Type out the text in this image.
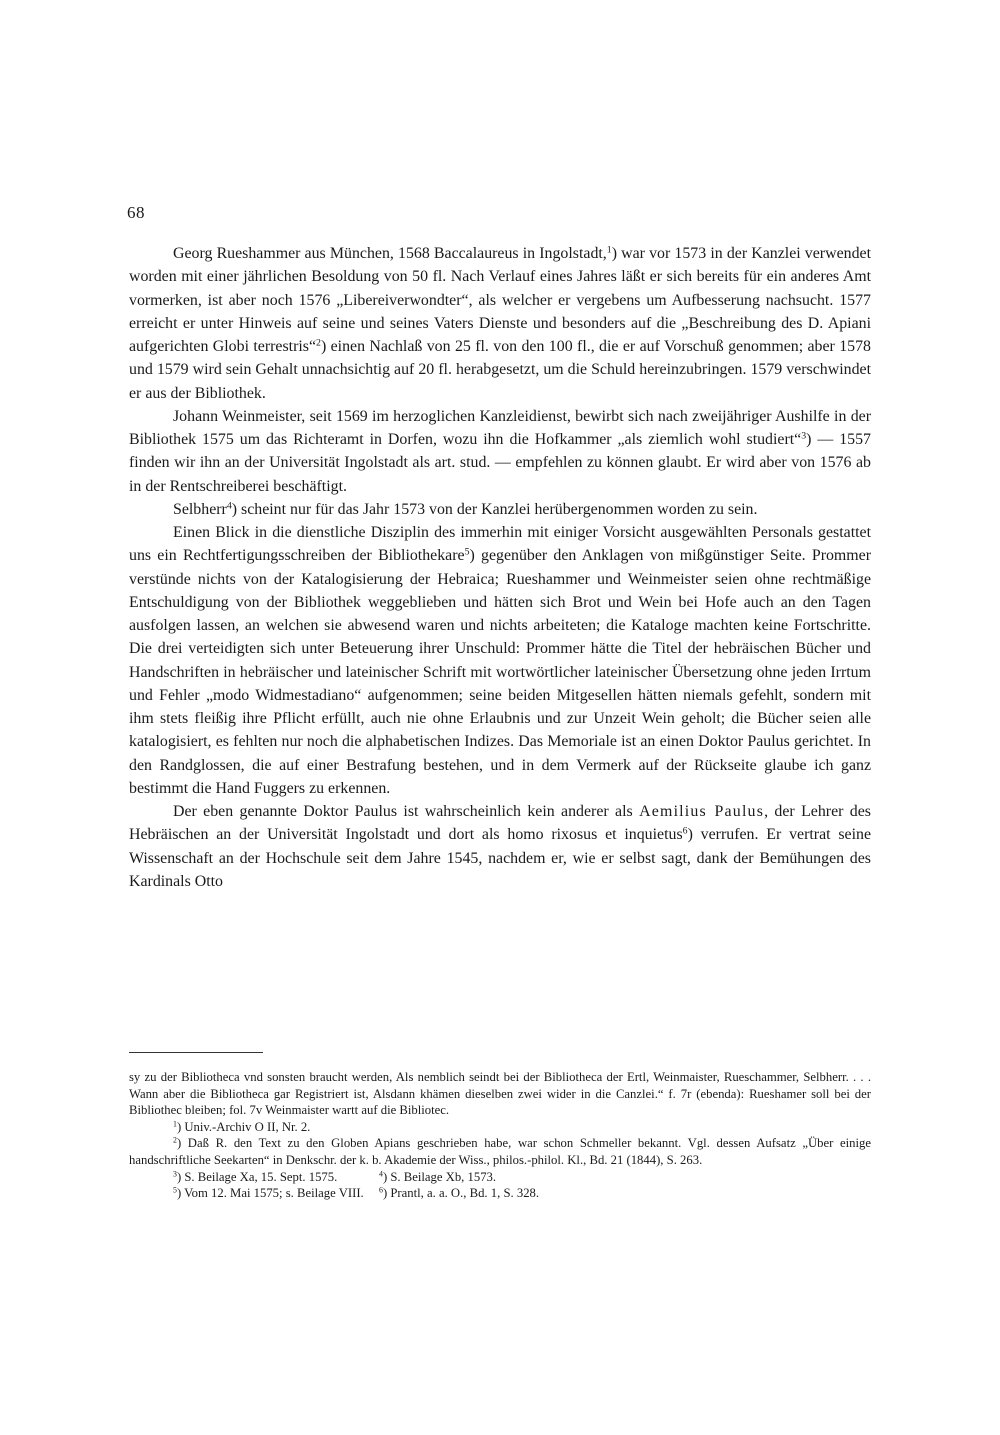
68

Georg Rueshammer aus München, 1568 Baccalaureus in Ingolstadt,$^1$) war vor 1573 in der Kanzlei verwendet worden mit einer jährlichen Besoldung von 50 fl. Nach Verlauf eines Jahres läßt er sich bereits für ein anderes Amt vormerken, ist aber noch 1576 „Libereiverwondter“, als welcher er vergebens um Aufbesserung nachsucht. 1577 erreicht er unter Hinweis auf seine und seines Vaters Dienste und besonders auf die „Beschreibung des D. Apiani aufgerichten Globi terrestris“$^2$) einen Nachlaß von 25 fl. von den 100 fl., die er auf Vorschuß genommen; aber 1578 und 1579 wird sein Gehalt unnachsichtig auf 20 fl. herabgesetzt, um die Schuld hereinzubringen. 1579 verschwindet er aus der Bibliothek.

Johann Weinmeister, seit 1569 im herzoglichen Kanzleidienst, bewirbt sich nach zweijähriger Aushilfe in der Bibliothek 1575 um das Richteramt in Dorfen, wozu ihn die Hofkammer „als ziemlich wohl studiert“$^3$) — 1557 finden wir ihn an der Universität Ingolstadt als art. stud. — empfehlen zu können glaubt. Er wird aber von 1576 ab in der Rentschreiberei beschäftigt.

Selbherr$^4$) scheint nur für das Jahr 1573 von der Kanzlei herübergenommen worden zu sein.

Einen Blick in die dienstliche Disziplin des immerhin mit einiger Vorsicht ausgewählten Personals gestattet uns ein Rechtfertigungsschreiben der Bibliothekare$^5$) gegenüber den Anklagen von mißgünstiger Seite. Prommer verstünde nichts von der Katalogisierung der Hebraica; Rueshammer und Weinmeister seien ohne rechtmäßige Entschuldigung von der Bibliothek weggeblieben und hätten sich Brot und Wein bei Hofe auch an den Tagen ausfolgen lassen, an welchen sie abwesend waren und nichts arbeiteten; die Kataloge machten keine Fortschritte. Die drei verteidigten sich unter Beteuerung ihrer Unschuld: Prommer hätte die Titel der hebräischen Bücher und Handschriften in hebräischer und lateinischer Schrift mit wortwörtlicher lateinischer Übersetzung ohne jeden Irrtum und Fehler „modo Widmestadiano“ aufgenommen; seine beiden Mitgesellen hätten niemals gefehlt, sondern mit ihm stets fleißig ihre Pflicht erfüllt, auch nie ohne Erlaubnis und zur Unzeit Wein geholt; die Bücher seien alle katalogisiert, es fehlten nur noch die alphabetischen Indizes. Das Memoriale ist an einen Doktor Paulus gerichtet. In den Randglossen, die auf einer Bestrafung bestehen, und in dem Vermerk auf der Rückseite glaube ich ganz bestimmt die Hand Fuggers zu erkennen.

Der eben genannte Doktor Paulus ist wahrscheinlich kein anderer als Aemilius Paulus, der Lehrer des Hebräischen an der Universität Ingolstadt und dort als homo rixosus et inquietus$^6$) verrufen. Er vertrat seine Wissenschaft an der Hochschule seit dem Jahre 1545, nachdem er, wie er selbst sagt, dank der Bemühungen des Kardinals Otto

sy zu der Bibliotheca vnd sonsten braucht werden, Als nemblich seindt bei der Bibliotheca der Ertl, Weinmaister, Rueschammer, Selbherr. . . . Wann aber die Bibliotheca gar Registriert ist, Alsdann khämen dieselben zwei wider in die Canzlei.“ f. 7r (ebenda): Rueshamer soll bei der Bibliothec bleiben; fol. 7v Weinmaister wartt auf die Bibliotec.

$^1$) Univ.-Archiv O II, Nr. 2.

$^2$) Daß R. den Text zu den Globen Apians geschrieben habe, war schon Schmeller bekannt. Vgl. dessen Aufsatz „Über einige handschriftliche Seekarten“ in Denkschr. der k. b. Akademie der Wiss., philos.-philol. Kl., Bd. 21 (1844), S. 263.

$^3$) S. Beilage Xa, 15. Sept. 1575.	$^4$) S. Beilage Xb, 1573.

$^5$) Vom 12. Mai 1575; s. Beilage VIII.	$^6$) Prantl, a. a. O., Bd. 1, S. 328.
